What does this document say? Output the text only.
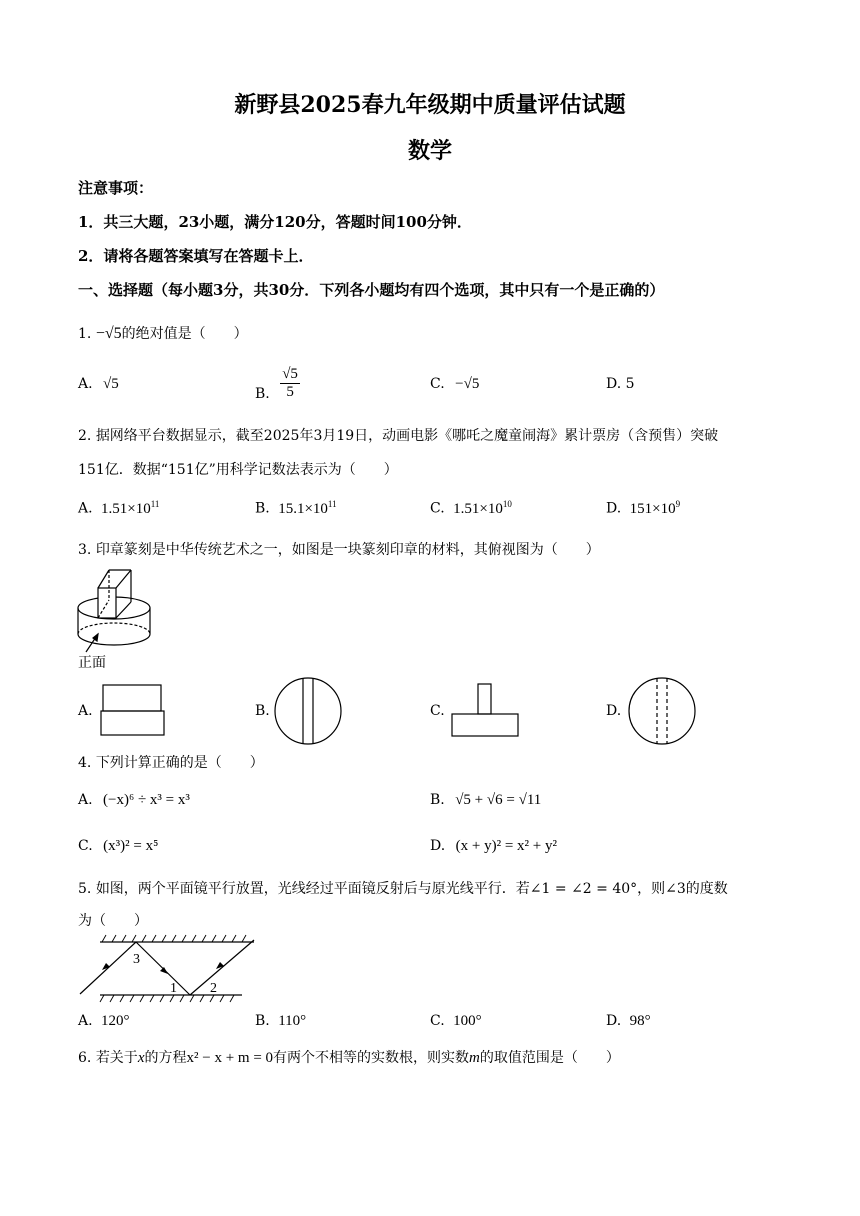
新野县2025春九年级期中质量评估试题
数学
注意事项：
1．共三大题，23小题，满分120分，答题时间100分钟．
2．请将各题答案填写在答题卡上．
一、选择题（每小题3分，共30分．下列各小题均有四个选项，其中只有一个是正确的）
1. −√5的绝对值是（　　）
A. √5
B. $\frac{√5}{5}$	C. −√5	D. 5
2. 据网络平台数据显示，截至2025年3月19日，动画电影《哪吒之魔童闹海》累计票房（含预售）突破
151亿．数据“151亿”用科学记数法表示为（　　）
A. $1.51\times 10^{11}$	B. $15.1\times 10^{11}$	C. $1.51\times 10^{10}$	D. $151\times 10^9$
3. 印章篆刻是中华传统艺术之一，如图是一块篆刻印章的材料，其俯视图为（　　）
正面
A.	B.	C.	D.
4. 下列计算正确的是（　　）
A. (−x)⁶ ÷ x³ = x³	B. √5 + √6 = √11
C. (x³)² = x⁵	D. (x + y)² = x² + y²
5. 如图，两个平面镜平行放置，光线经过平面镜反射后与原光线平行．若∠1 = ∠2 = 40°，则∠3的度数
为（　　）
3
1 2
A. 120°	B. 110°	C. 100°	D. 98°
6. 若关于x的方程x² − x + m = 0有两个不相等的实数根，则实数m的取值范围是（　　）
